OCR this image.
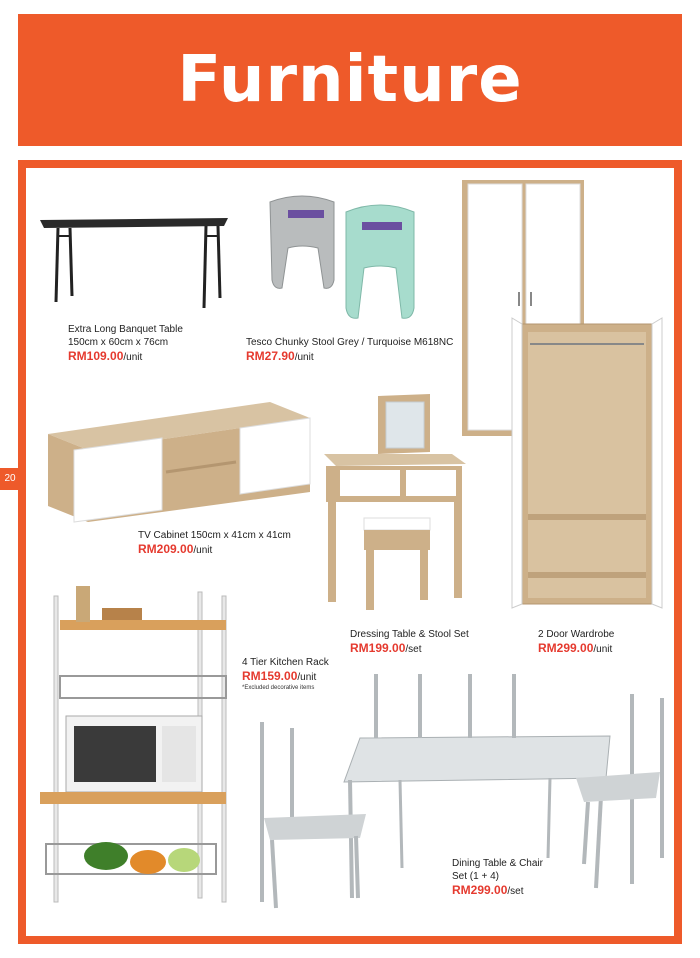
Furniture
20
Extra Long Banquet Table
150cm x 60cm x 76cm
RM109.00/unit
Tesco Chunky Stool Grey / Turquoise M618NC
RM27.90/unit
TV Cabinet 150cm x 41cm x 41cm
RM209.00/unit
Dressing Table & Stool Set
RM199.00/set
2 Door Wardrobe
RM299.00/unit
4 Tier Kitchen Rack
RM159.00/unit
*Excluded decorative items
Dining Table & Chair
Set (1 + 4)
RM299.00/set
